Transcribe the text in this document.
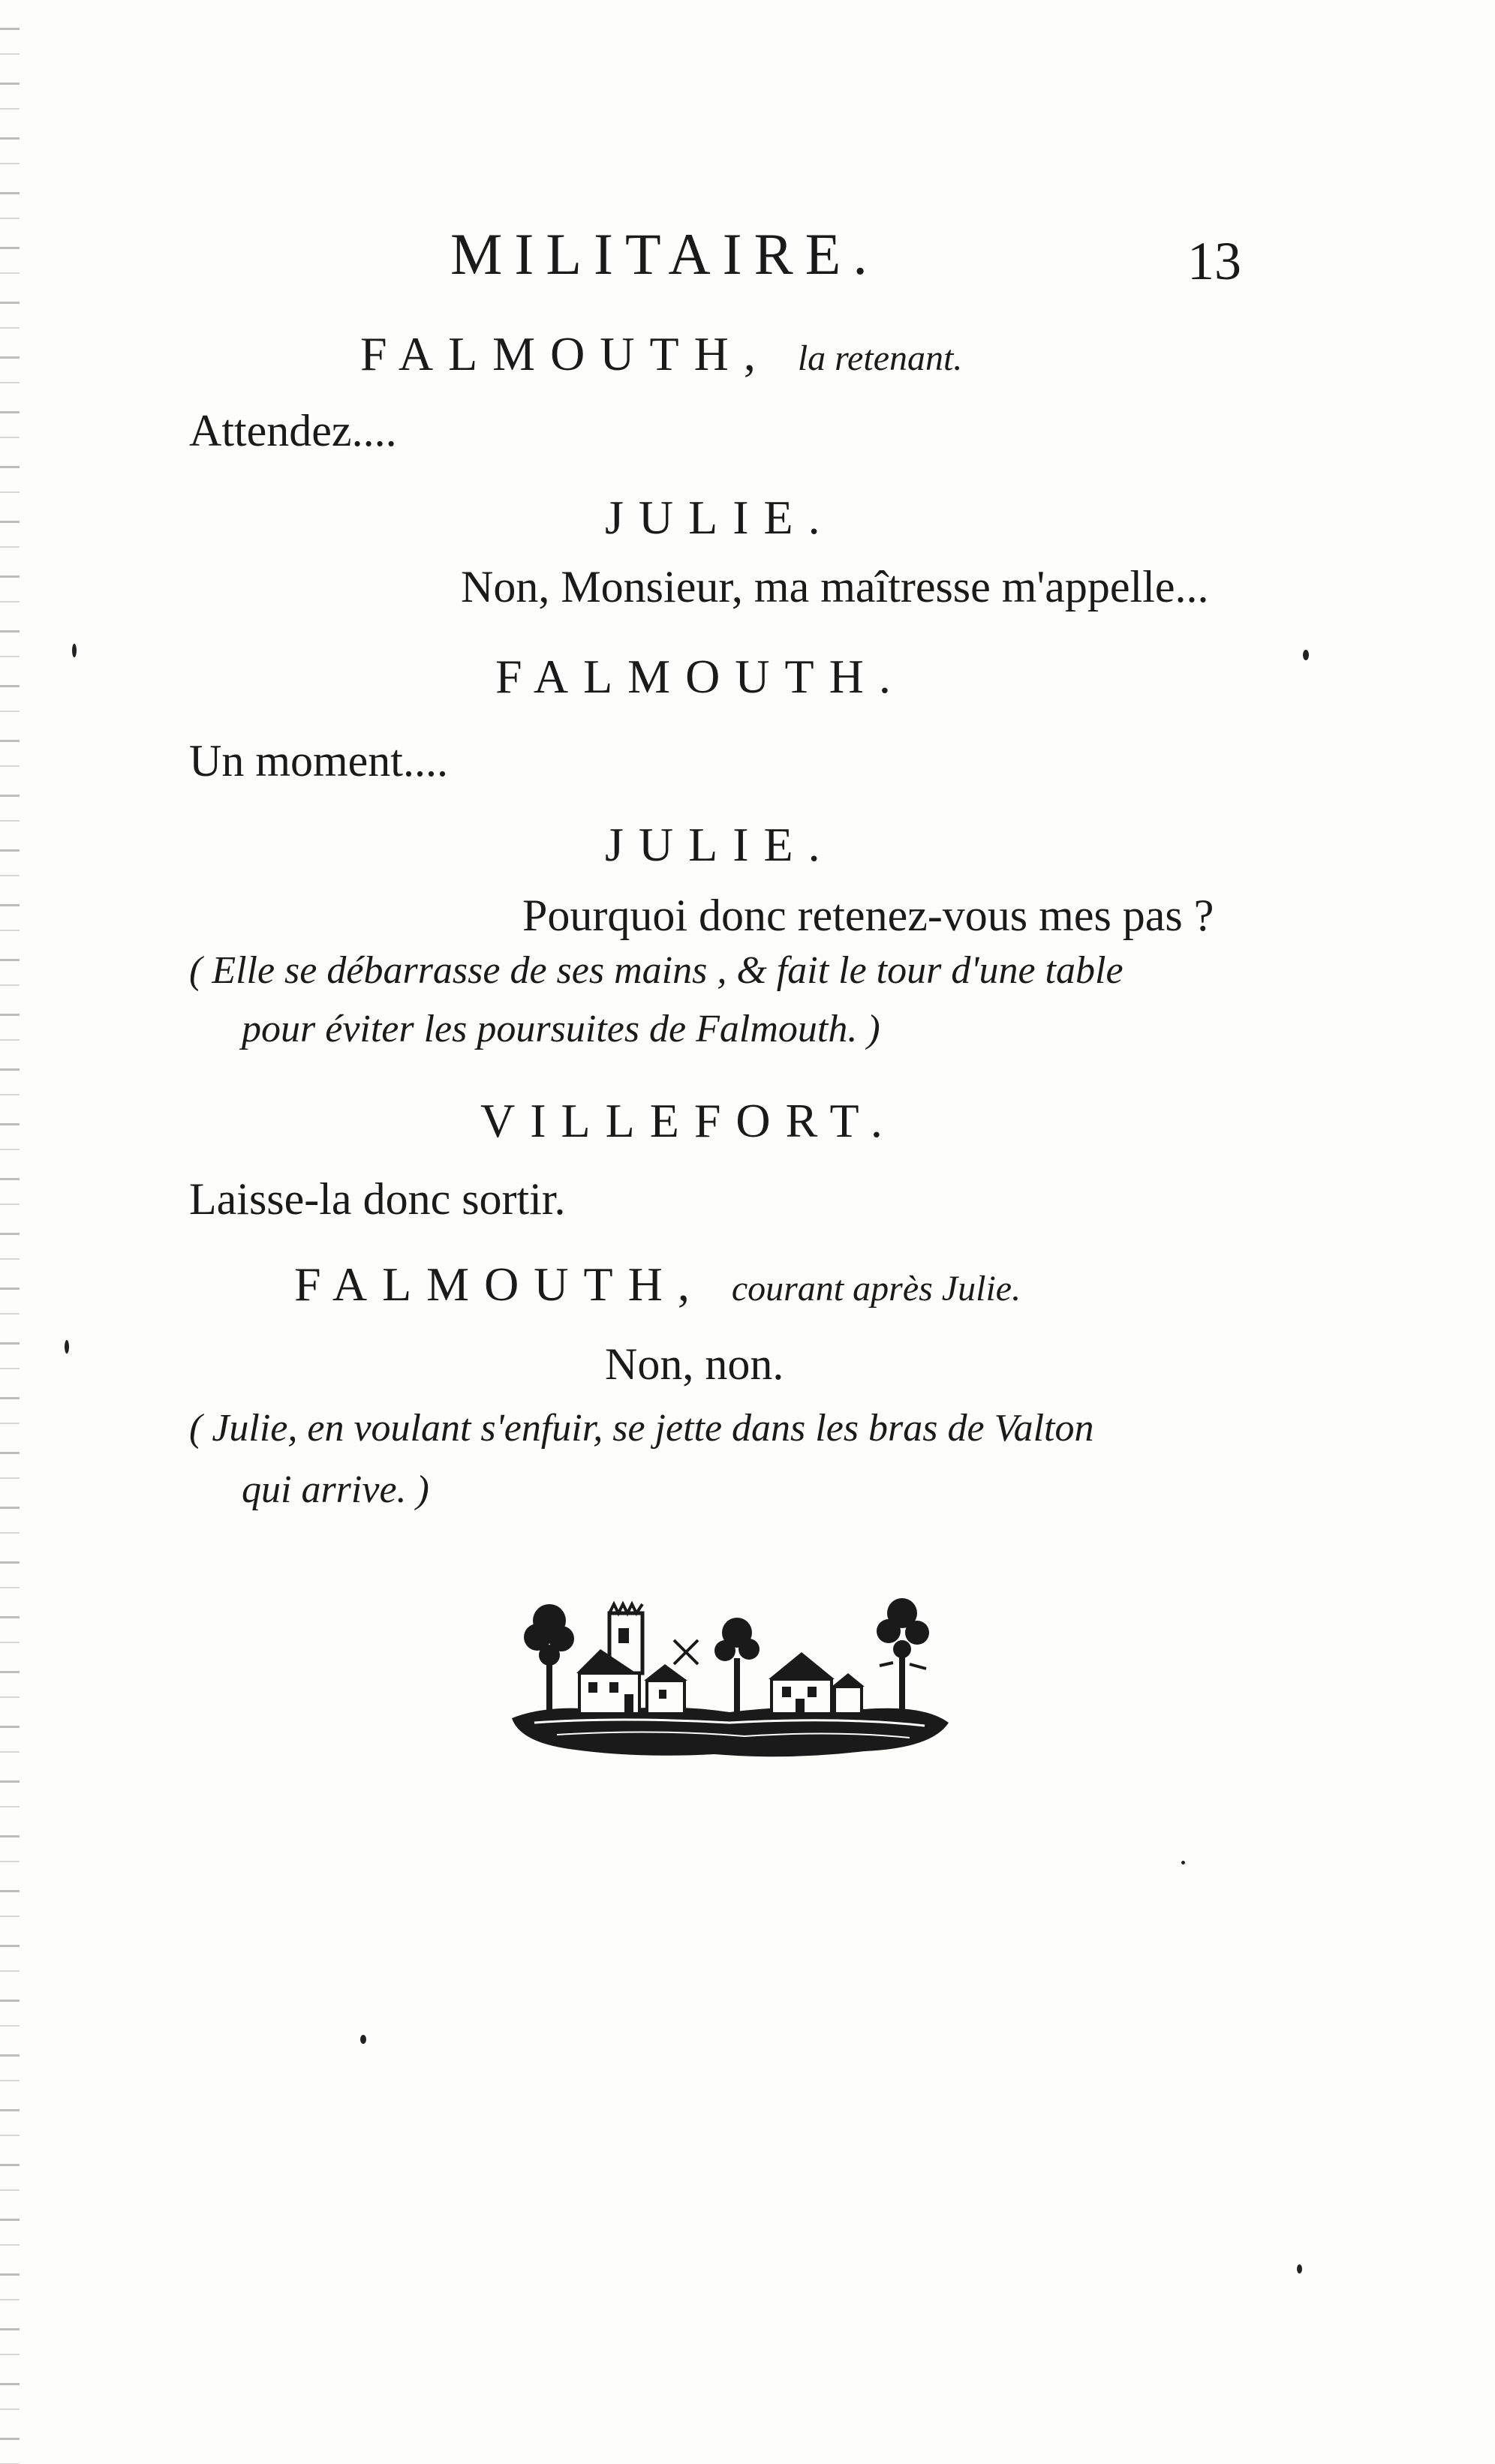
MILITAIRE.	13
FALMOUTH, la retenant.
Attendez....
JULIE.
Non, Monsieur, ma maîtresse m'appelle...
FALMOUTH.
Un moment....
JULIE.
Pourquoi donc retenez-vous mes pas ?
( Elle se débarrasse de ses mains , & fait le tour d'une table
pour éviter les poursuites de Falmouth. )
VILLEFORT.
Laisse-la donc sortir.
FALMOUTH, courant après Julie.
Non, non.
( Julie, en voulant s'enfuir, se jette dans les bras de Valton
qui arrive. )
